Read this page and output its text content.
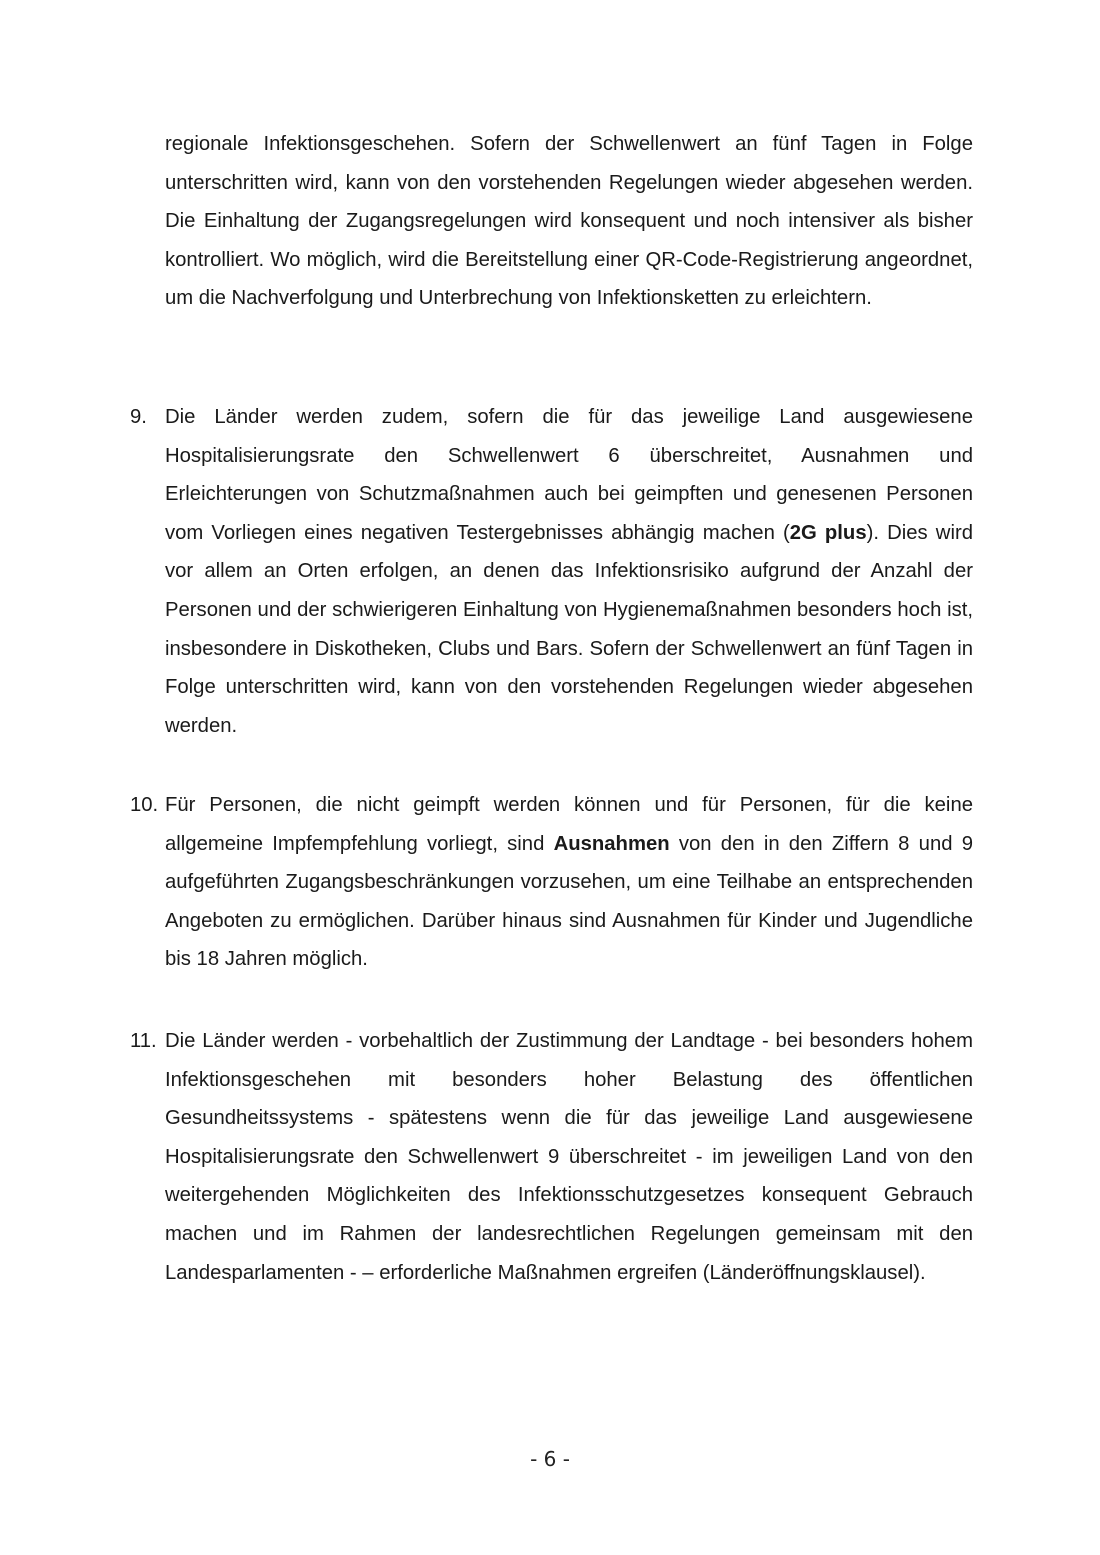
regionale Infektionsgeschehen. Sofern der Schwellenwert an fünf Tagen in Folge unterschritten wird, kann von den vorstehenden Regelungen wieder abgesehen werden. Die Einhaltung der Zugangsregelungen wird konsequent und noch intensiver als bisher kontrolliert. Wo möglich, wird die Bereitstellung einer QR-Code-Registrierung angeordnet, um die Nachverfolgung und Unterbrechung von Infektionsketten zu erleichtern.

9. Die Länder werden zudem, sofern die für das jeweilige Land ausgewiesene Hospitalisierungsrate den Schwellenwert 6 überschreitet, Ausnahmen und Erleichterungen von Schutzmaßnahmen auch bei geimpften und genesenen Personen vom Vorliegen eines negativen Testergebnisses abhängig machen (2G plus). Dies wird vor allem an Orten erfolgen, an denen das Infektionsrisiko aufgrund der Anzahl der Personen und der schwierigeren Einhaltung von Hygienemaßnahmen besonders hoch ist, insbesondere in Diskotheken, Clubs und Bars. Sofern der Schwellenwert an fünf Tagen in Folge unterschritten wird, kann von den vorstehenden Regelungen wieder abgesehen werden.
10. Für Personen, die nicht geimpft werden können und für Personen, für die keine allgemeine Impfempfehlung vorliegt, sind Ausnahmen von den in den Ziffern 8 und 9 aufgeführten Zugangsbeschränkungen vorzusehen, um eine Teilhabe an entsprechenden Angeboten zu ermöglichen. Darüber hinaus sind Ausnahmen für Kinder und Jugendliche bis 18 Jahren möglich.
11. Die Länder werden - vorbehaltlich der Zustimmung der Landtage - bei besonders hohem Infektionsgeschehen mit besonders hoher Belastung des öffentlichen Gesundheitssystems - spätestens wenn die für das jeweilige Land ausgewiesene Hospitalisierungsrate den Schwellenwert 9 überschreitet - im jeweiligen Land von den weitergehenden Möglichkeiten des Infektionsschutzgesetzes konsequent Gebrauch machen und im Rahmen der landesrechtlichen Regelungen gemeinsam mit den Landesparlamenten - – erforderliche Maßnahmen ergreifen (Länderöffnungsklausel).
- 6 -
